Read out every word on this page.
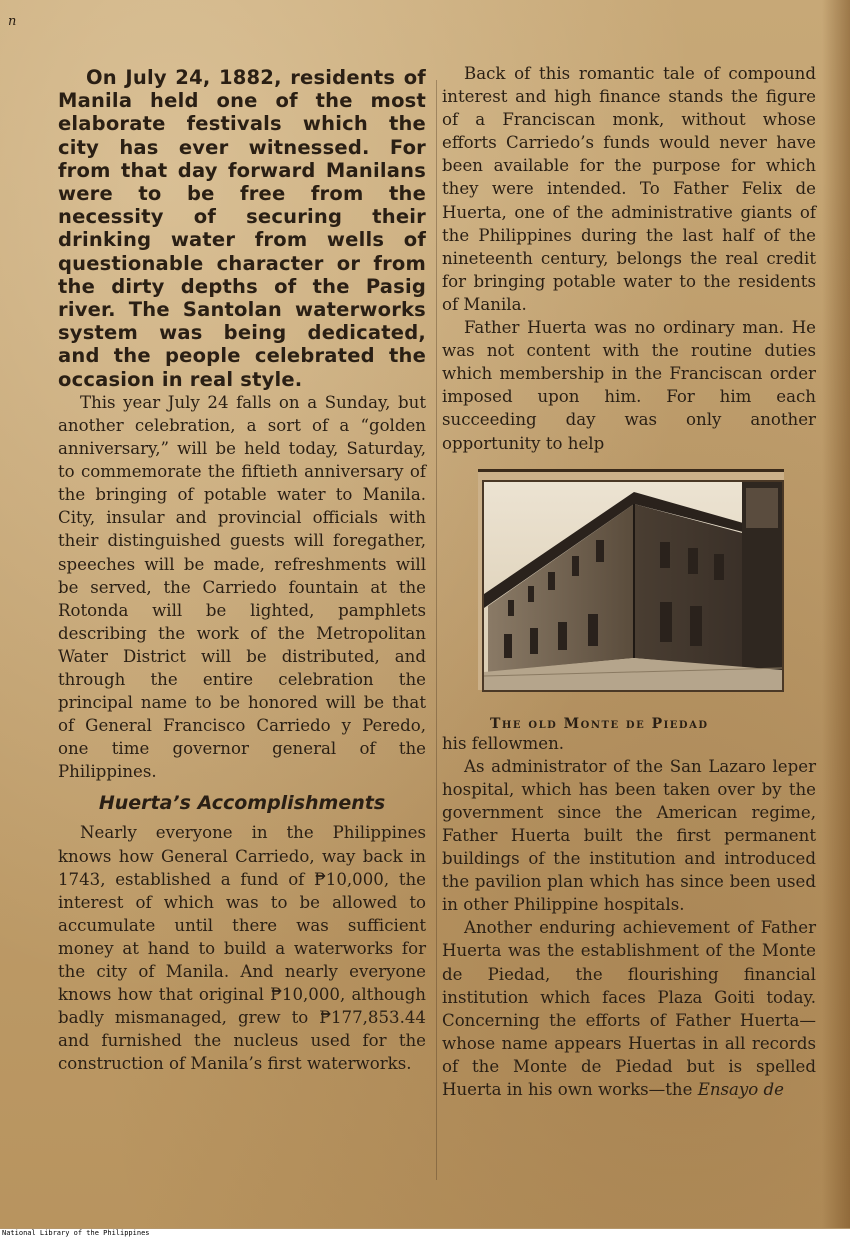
n

On July 24, 1882, residents of Manila held one of the most elaborate festivals which the city has ever witnessed. For from that day forward Manilans were to be free from the necessity of securing their drinking water from wells of questionable character or from the dirty depths of the Pasig river. The Santolan waterworks system was being dedicated, and the people celebrated the occasion in real style.

This year July 24 falls on a Sunday, but another celebration, a sort of a “golden anniversary,” will be held today, Saturday, to commemorate the fiftieth anniversary of the bringing of potable water to Manila. City, insular and provincial officials with their distinguished guests will foregather, speeches will be made, refreshments will be served, the Carriedo fountain at the Rotonda will be lighted, pamphlets describing the work of the Metropolitan Water District will be distributed, and through the entire celebration the principal name to be honored will be that of General Francisco Carriedo y Peredo, one time governor general of the Philippines.

Huerta’s Accomplishments

Nearly everyone in the Philippines knows how General Carriedo, way back in 1743, established a fund of ₱10,000, the interest of which was to be allowed to accumulate until there was sufficient money at hand to build a waterworks for the city of Manila. And nearly everyone knows how that original ₱10,000, although badly mismanaged, grew to ₱177,853.44 and furnished the nucleus used for the construction of Manila’s first waterworks.

Back of this romantic tale of compound interest and high finance stands the figure of a Franciscan monk, without whose efforts Carriedo’s funds would never have been available for the purpose for which they were intended. To Father Felix de Huerta, one of the administrative giants of the Philippines during the last half of the nineteenth century, belongs the real credit for bringing potable water to the residents of Manila.

Father Huerta was no ordinary man. He was not content with the routine duties which membership in the Franciscan order imposed upon him. For him each succeeding day was only another opportunity to help

The old Monte de Piedad

his fellowmen.

As administrator of the San Lazaro leper hospital, which has been taken over by the government since the American regime, Father Huerta built the first permanent buildings of the institution and introduced the pavilion plan which has since been used in other Philippine hospitals.

Another enduring achievement of Father Huerta was the establishment of the Monte de Piedad, the flourishing financial institution which faces Plaza Goiti today. Concerning the efforts of Father Huerta—whose name appears Huertas in all records of the Monte de Piedad but is spelled Huerta in his own works—the Ensayo de

National Library of the Philippines
